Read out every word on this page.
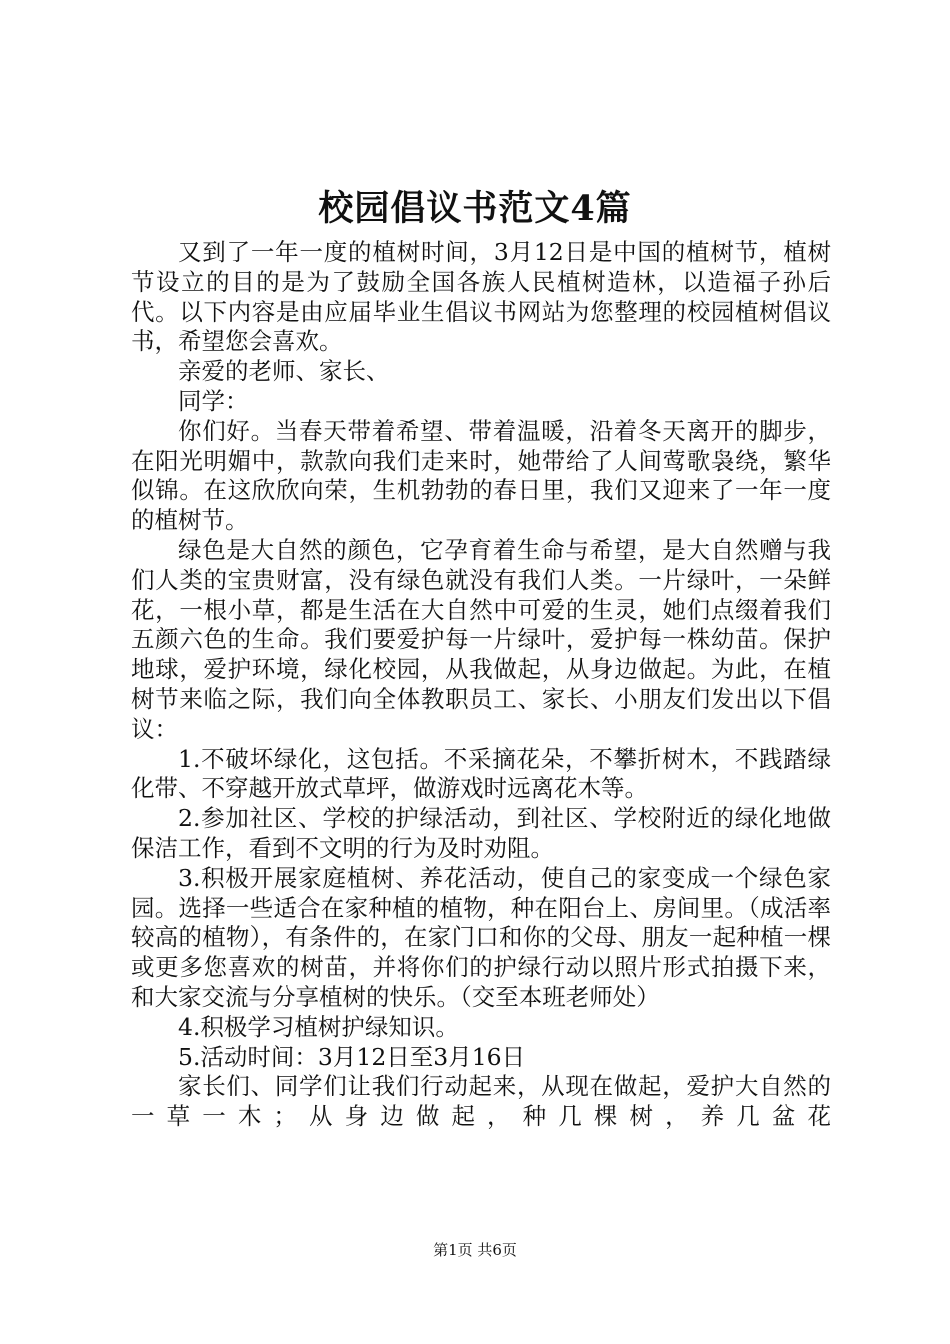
校园倡议书范文4篇

又到了一年一度的植树时间，3月12日是中国的植树节，植树节设立的目的是为了鼓励全国各族人民植树造林，以造福子孙后代。以下内容是由应届毕业生倡议书网站为您整理的校园植树倡议书，希望您会喜欢。

亲爱的老师、家长、

同学：

你们好。当春天带着希望、带着温暖，沿着冬天离开的脚步，在阳光明媚中，款款向我们走来时，她带给了人间莺歌袅绕，繁华似锦。在这欣欣向荣，生机勃勃的春日里，我们又迎来了一年一度的植树节。

绿色是大自然的颜色，它孕育着生命与希望，是大自然赠与我们人类的宝贵财富，没有绿色就没有我们人类。一片绿叶，一朵鲜花，一根小草，都是生活在大自然中可爱的生灵，她们点缀着我们五颜六色的生命。我们要爱护每一片绿叶，爱护每一株幼苗。保护地球，爱护环境，绿化校园，从我做起，从身边做起。为此，在植树节来临之际，我们向全体教职员工、家长、小朋友们发出以下倡议：

1.不破坏绿化，这包括。不采摘花朵，不攀折树木，不践踏绿化带、不穿越开放式草坪，做游戏时远离花木等。

2.参加社区、学校的护绿活动，到社区、学校附近的绿化地做保洁工作，看到不文明的行为及时劝阻。

3.积极开展家庭植树、养花活动，使自己的家变成一个绿色家园。选择一些适合在家种植的植物，种在阳台上、房间里。（成活率较高的植物），有条件的，在家门口和你的父母、朋友一起种植一棵或更多您喜欢的树苗，并将你们的护绿行动以照片形式拍摄下来，和大家交流与分享植树的快乐。（交至本班老师处）

4.积极学习植树护绿知识。

5.活动时间：3月12日至3月16日

家长们、同学们让我们行动起来，从现在做起，爱护大自然的一草一木；从身边做起，种几棵树，养几盆花

第1页 共6页
